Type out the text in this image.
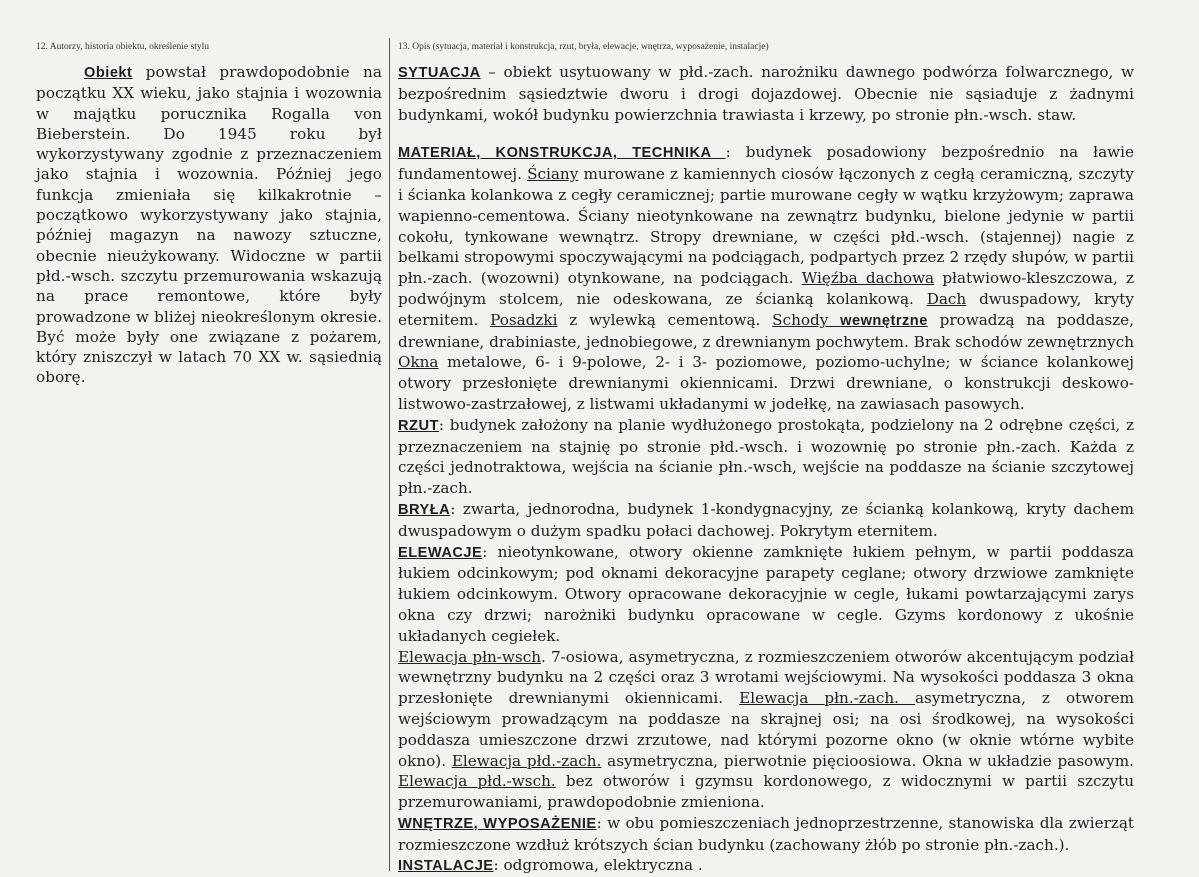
12. Autorzy, historia obiektu, określenie stylu

Obiekt powstał prawdopodobnie na początku XX wieku, jako stajnia i wozownia w majątku porucznika Rogalla von Bieberstein. Do 1945 roku był wykorzystywany zgodnie z przeznaczeniem jako stajnia i wozownia. Później jego funkcja zmieniała się kilkakrotnie – początkowo wykorzystywany jako stajnia, później magazyn na nawozy sztuczne, obecnie nieużykowany. Widoczne w partii płd.-wsch. szczytu przemurowania wskazują na prace remontowe, które były prowadzone w bliżej nieokreślonym okresie. Być może były one związane z pożarem, który zniszczył w latach 70 XX w. sąsiednią oborę.

13. Opis (sytuacja, materiał i konstrukcja, rzut, bryła, elewacje, wnętrza, wyposażenie, instalacje)

SYTUACJA – obiekt usytuowany w płd.-zach. narożniku dawnego podwórza folwarcznego, w bezpośrednim sąsiedztwie dworu i drogi dojazdowej. Obecnie nie sąsiaduje z żadnymi budynkami, wokół budynku powierzchnia trawiasta i krzewy, po stronie płn.-wsch. staw.

MATERIAŁ, KONSTRUKCJA, TECHNIKA : budynek posadowiony bezpośrednio na ławie fundamentowej. Ściany murowane z kamiennych ciosów łączonych z cegłą ceramiczną, szczyty i ścianka kolankowa z cegły ceramicznej; partie murowane cegły w wątku krzyżowym; zaprawa wapienno-cementowa. Ściany nieotynkowane na zewnątrz budynku, bielone jedynie w partii cokołu, tynkowane wewnątrz. Stropy drewniane, w części płd.-wsch. (stajennej) nagie z belkami stropowymi spoczywającymi na podciągach, podpartych przez 2 rzędy słupów, w partii płn.-zach. (wozowni) otynkowane, na podciągach. Więźba dachowa płatwiowo-kleszczowa, z podwójnym stolcem, nie odeskowana, ze ścianką kolankową. Dach dwuspadowy, kryty eternitem. Posadzki z wylewką cementową. Schody wewnętrzne prowadzą na poddasze, drewniane, drabiniaste, jednobiegowe, z drewnianym pochwytem. Brak schodów zewnętrznych Okna metalowe, 6- i 9-polowe, 2- i 3- poziomowe, poziomo-uchylne; w ściance kolankowej otwory przesłonięte drewnianymi okiennicami. Drzwi drewniane, o konstrukcji deskowo-listwowo-zastrzałowej, z listwami układanymi w jodełkę, na zawiasach pasowych.

RZUT: budynek założony na planie wydłużonego prostokąta, podzielony na 2 odrębne części, z przeznaczeniem na stajnię po stronie płd.-wsch. i wozownię po stronie płn.-zach. Każda z części jednotraktowa, wejścia na ścianie płn.-wsch, wejście na poddasze na ścianie szczytowej płn.-zach.

BRYŁA: zwarta, jednorodna, budynek 1-kondygnacyjny, ze ścianką kolankową, kryty dachem dwuspadowym o dużym spadku połaci dachowej. Pokrytym eternitem.

ELEWACJE: nieotynkowane, otwory okienne zamknięte łukiem pełnym, w partii poddasza łukiem odcinkowym; pod oknami dekoracyjne parapety ceglane; otwory drzwiowe zamknięte łukiem odcinkowym. Otwory opracowane dekoracyjnie w cegle, łukami powtarzającymi zarys okna czy drzwi; narożniki budynku opracowane w cegle. Gzyms kordonowy z ukośnie układanych cegiełek.

Elewacja płn-wsch. 7-osiowa, asymetryczna, z rozmieszczeniem otworów akcentującym podział wewnętrzny budynku na 2 części oraz 3 wrotami wejściowymi. Na wysokości poddasza 3 okna przesłonięte drewnianymi okiennicami. Elewacja płn.-zach. asymetryczna, z otworem wejściowym prowadzącym na poddasze na skrajnej osi; na osi środkowej, na wysokości poddasza umieszczone drzwi zrzutowe, nad którymi pozorne okno (w oknie wtórne wybite okno). Elewacja płd.-zach. asymetryczna, pierwotnie pięcioosiowa. Okna w układzie pasowym. Elewacja płd.-wsch. bez otworów i gzymsu kordonowego, z widocznymi w partii szczytu przemurowaniami, prawdopodobnie zmieniona.

WNĘTRZE, WYPOSAŻENIE: w obu pomieszczeniach jednoprzestrzenne, stanowiska dla zwierząt rozmieszczone wzdłuż krótszych ścian budynku (zachowany żłób po stronie płn.-zach.).

INSTALACJE: odgromowa, elektryczna .
